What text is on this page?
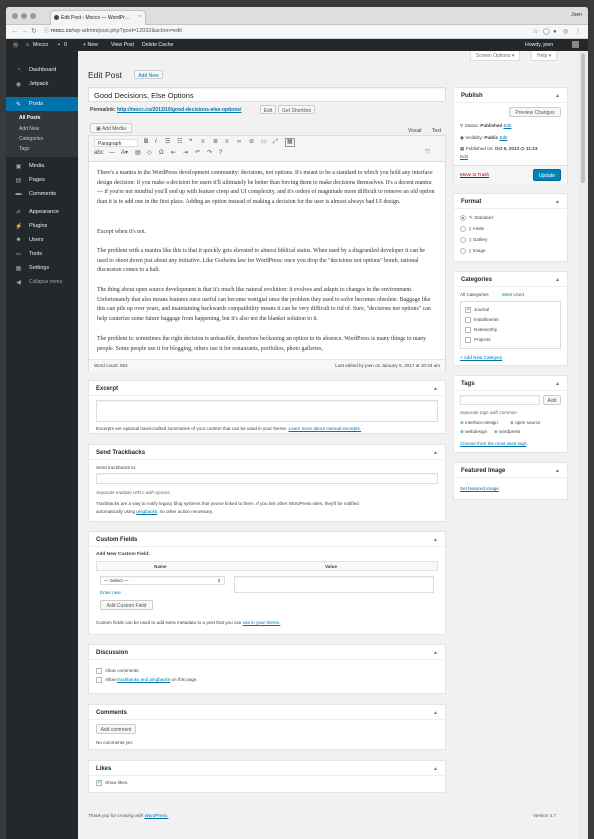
Edit Post ‹ Mocco — WordPr… ×	Joen
← → ↻ ⓘ mocc.co/wp-admin/post.php?post=12032&action=edit	☆ ◯ ● ◎ ⋮
Ⓦ ⌂ Mocco ▪ 0	+ New	View Post Delete Cache	Howdy, joen
◔	Dashboard
◉ Jetpack
✎ Posts
All Posts
Add New
Categories
Tags
▣ Media
▤ Pages
▬ Comments
✐ Appearance
⚡ Plugins
☻ Users
✂ Tools
▦ Settings
◀ Collapse menu
Screen Options ▾	Help ▾
Edit Post	Add New
Good Decisions, Else Options
Permalink: http://mocc.co/2013/10/good-decisions-else-options/	Edit	Get Shortlink
▣ Add Media	Visual Text
Paragraph	B I ☰ ☷ ❝ ≡ ≣ ≡ ∞ ⊘ ▭ ⤢	▦
⤧
abc — A▾ ▤ ◇ Ω ⇤ ⇥ ↶ ↷ ?

There's a mantra in the WordPress development community: decisions, not options. It's meant to be a standard to which you hold any interface design decision: if you make a decision for users it'll ultimately be better than forcing them to make decisions themselves. It's a decent mantra — if you're not mindful you'll end up with feature creep and UI complexity, and it's orders of magnitude more difficult to remove an old option than it is to add one in the first place. Adding an option instead of making a decision for the user is almost always bad UI design.

Except when it's not.

The problem with a mantra like this is that it quickly gets elevated to almost biblical status. When used by a disgruntled developer it can be used to shoot down just about any initiative. Like Godwins law for WordPress: once you drop the "decisions not options" bomb, rational discussion comes to a halt.

The thing about open source development is that it's much like natural evolution: it evolves and adapts to changes in the environment. Unfortunately that also means features once useful can become vestigial once the problem they used to solve becomes obsolete. Baggage like this can pile up over years, and maintaining backwards compatibility means it can be very difficult to rid of. Sure, "decisions not options" can help cauterize some future baggage from happening, but it's also not the blanket solution to it.

The problem is: sometimes the right decision is unfeasible, therefore beckoning an option in its absence. WordPress is many things to many people. Some people use it for blogging, others use it for restaurants, portfolios, photo galleries,

Word count: 564	Last edited by joen on January 5, 2017 at 10:43 am
Excerpt	▲
Excerpts are optional hand-crafted summaries of your content that can be used in your theme. Learn more about manual excerpts.
Send Trackbacks	▲
Send trackbacks to:
Separate multiple URLs with spaces
Trackbacks are a way to notify legacy blog systems that you've linked to them. If you link other WordPress sites, they'll be notified
automatically using pingbacks, no other action necessary.
Custom Fields	▲
Add New Custom Field:
Name	Value
— Select —	⇕
Enter new
Add Custom Field
Custom fields can be used to add extra metadata to a post that you can use in your theme.
Discussion	▲
Allow comments.
Allow trackbacks and pingbacks on this page.
Comments	▲
Add comment
No comments yet.
Likes	▲
✓ Show likes.
Thank you for creating with WordPress.	Version 4.7
Publish	▲
Preview Changes
⚲ Status: Published Edit
◉ Visibility: Public Edit
▦ Published on: Oct 9, 2013 @ 11:23
Edit
Move to Trash	Update
Format	▲
✎ Standard
▯ Aside
▯ Gallery
▯ Image
Categories	▲
All Categories	Most Used
✓ Journal
Installments
Noteworthy
Projects
+ Add New Category
Tags	▲
Add
Separate tags with commas
⊗ interface-design	⊗ open source
⊗ webdesign ⊗ wordpress
Choose from the most used tags
Featured Image	▲
Set featured image
